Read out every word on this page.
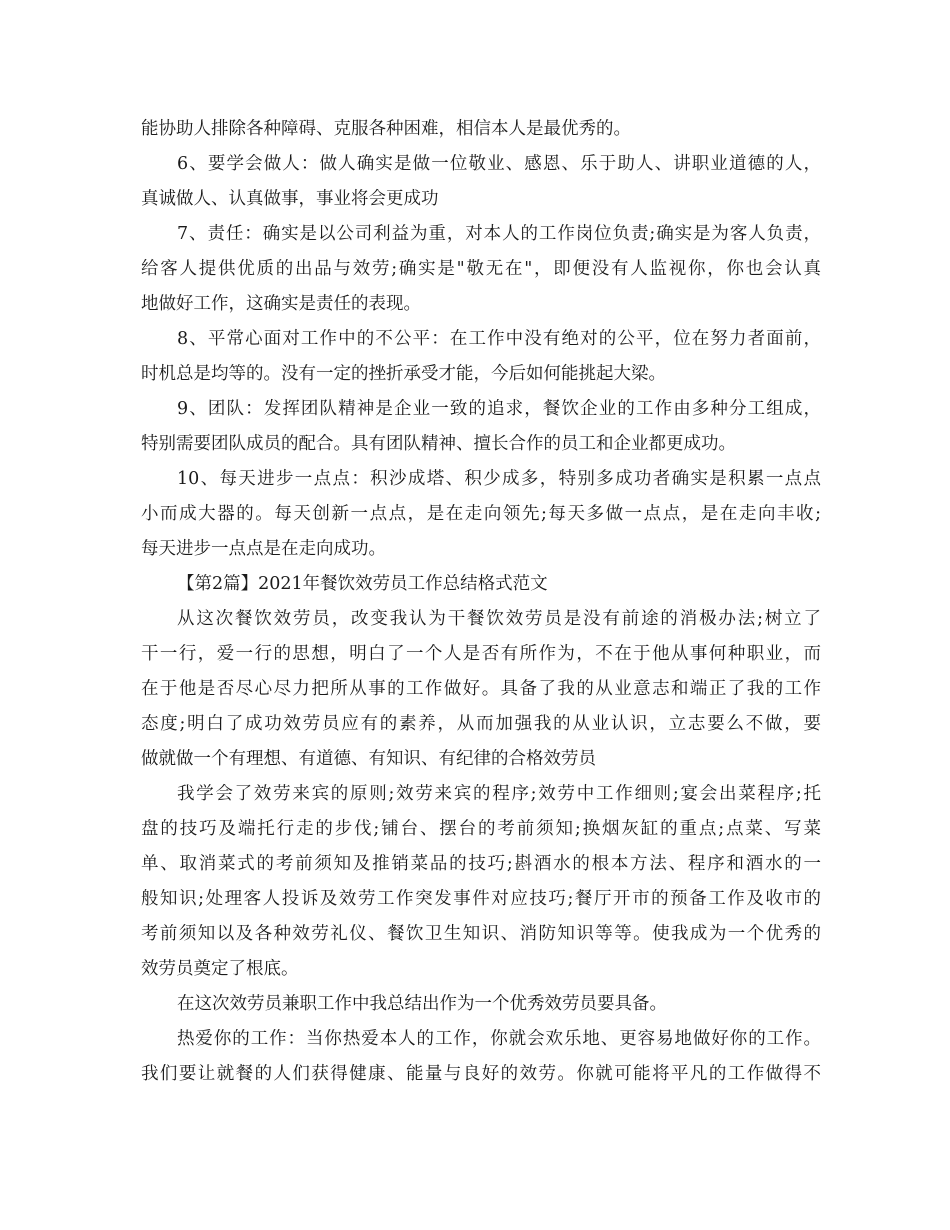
能协助人排除各种障碍、克服各种困难，相信本人是最优秀的。
6、要学会做人：做人确实是做一位敬业、感恩、乐于助人、讲职业道德的人，
真诚做人、认真做事，事业将会更成功
7、责任：确实是以公司利益为重，对本人的工作岗位负责;确实是为客人负责，
给客人提供优质的出品与效劳;确实是"敬无在"，即便没有人监视你，你也会认真
地做好工作，这确实是责任的表现。
8、平常心面对工作中的不公平：在工作中没有绝对的公平，位在努力者面前，
时机总是均等的。没有一定的挫折承受才能，今后如何能挑起大梁。
9、团队：发挥团队精神是企业一致的追求，餐饮企业的工作由多种分工组成，
特别需要团队成员的配合。具有团队精神、擅长合作的员工和企业都更成功。
10、每天进步一点点：积沙成塔、积少成多，特别多成功者确实是积累一点点
小而成大器的。每天创新一点点，是在走向领先;每天多做一点点，是在走向丰收;
每天进步一点点是在走向成功。
【第2篇】2021年餐饮效劳员工作总结格式范文
从这次餐饮效劳员，改变我认为干餐饮效劳员是没有前途的消极办法;树立了
干一行，爱一行的思想，明白了一个人是否有所作为，不在于他从事何种职业，而
在于他是否尽心尽力把所从事的工作做好。具备了我的从业意志和端正了我的工作
态度;明白了成功效劳员应有的素养，从而加强我的从业认识，立志要么不做，要
做就做一个有理想、有道德、有知识、有纪律的合格效劳员
我学会了效劳来宾的原则;效劳来宾的程序;效劳中工作细则;宴会出菜程序;托
盘的技巧及端托行走的步伐;铺台、摆台的考前须知;换烟灰缸的重点;点菜、写菜
单、取消菜式的考前须知及推销菜品的技巧;斟酒水的根本方法、程序和酒水的一
般知识;处理客人投诉及效劳工作突发事件对应技巧;餐厅开市的预备工作及收市的
考前须知以及各种效劳礼仪、餐饮卫生知识、消防知识等等。使我成为一个优秀的
效劳员奠定了根底。
在这次效劳员兼职工作中我总结出作为一个优秀效劳员要具备。
热爱你的工作：当你热爱本人的工作，你就会欢乐地、更容易地做好你的工作。
我们要让就餐的人们获得健康、能量与良好的效劳。你就可能将平凡的工作做得不
